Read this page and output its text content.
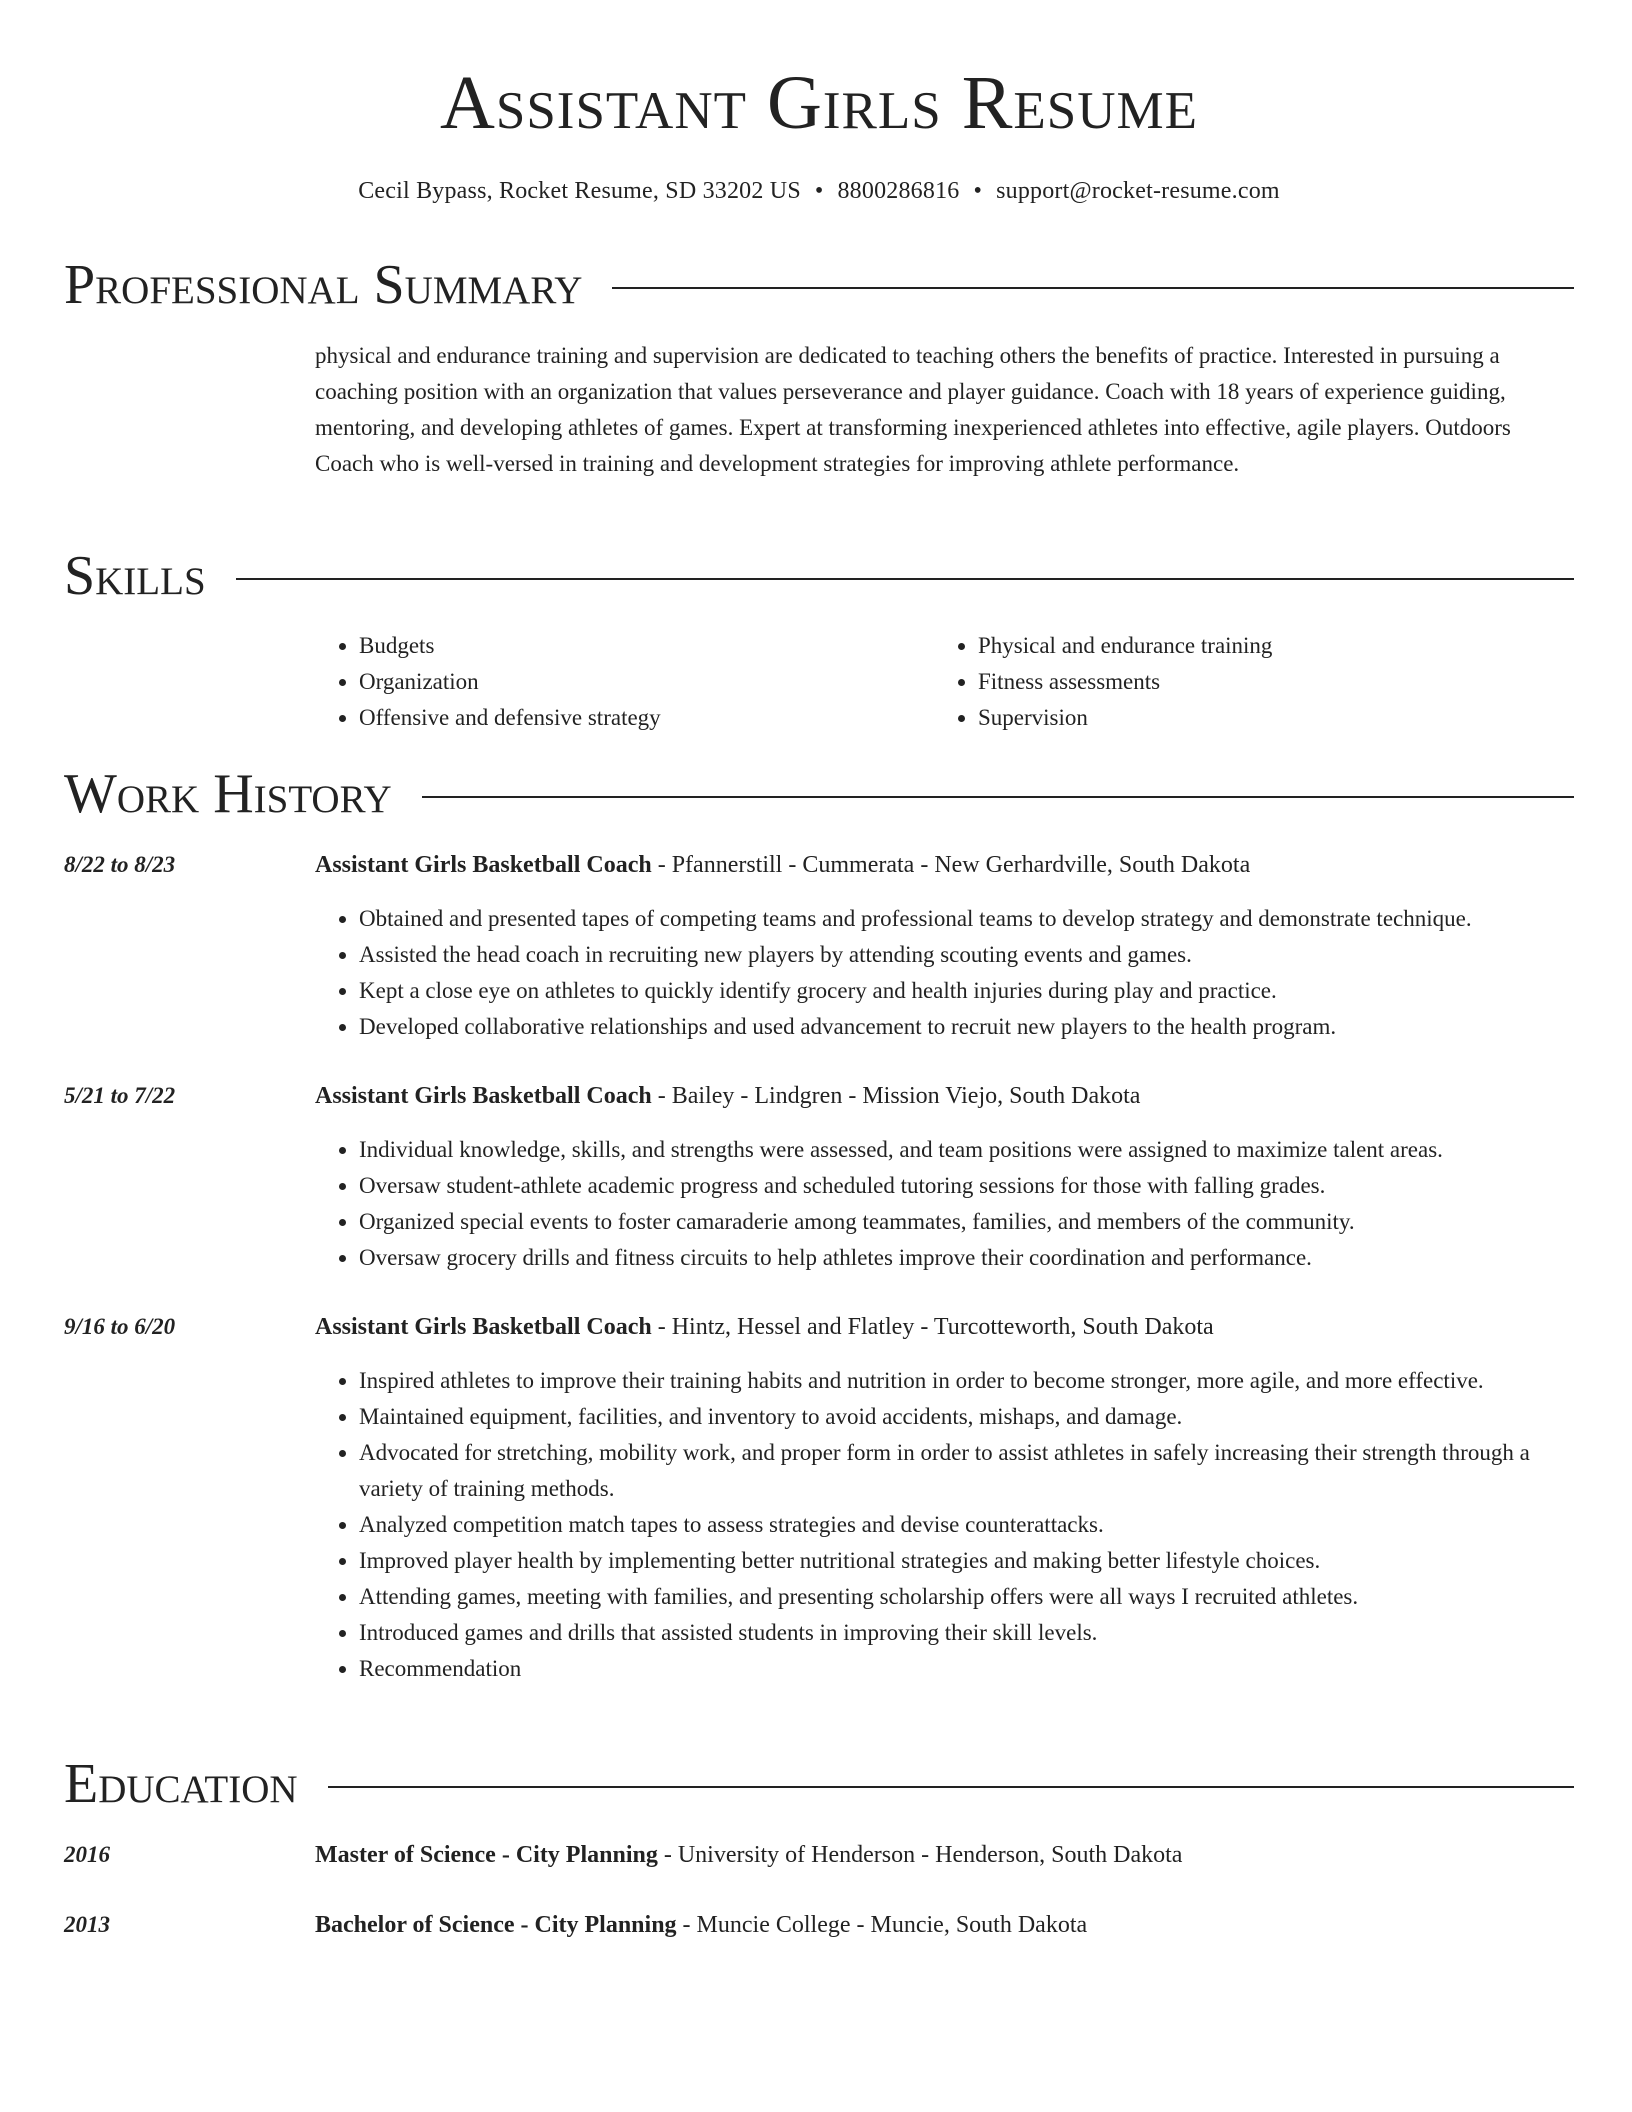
Assistant Girls Resume
Cecil Bypass, Rocket Resume, SD 33202 US • 8800286816 • support@rocket-resume.com
Professional Summary

physical and endurance training and supervision are dedicated to teaching others the benefits of practice. Interested in pursuing a coaching position with an organization that values perseverance and player guidance. Coach with 18 years of experience guiding, mentoring, and developing athletes of games. Expert at transforming inexperienced athletes into effective, agile players. Outdoors Coach who is well-versed in training and development strategies for improving athlete performance.

Skills
• Budgets
• Organization
• Offensive and defensive strategy
• Physical and endurance training
• Fitness assessments
• Supervision
Work History
8/22 to 8/23	Assistant Girls Basketball Coach - Pfannerstill - Cummerata - New Gerhardville, South Dakota
• Obtained and presented tapes of competing teams and professional teams to develop strategy and demonstrate technique.
• Assisted the head coach in recruiting new players by attending scouting events and games.
• Kept a close eye on athletes to quickly identify grocery and health injuries during play and practice.
• Developed collaborative relationships and used advancement to recruit new players to the health program.
5/21 to 7/22	Assistant Girls Basketball Coach - Bailey - Lindgren - Mission Viejo, South Dakota
• Individual knowledge, skills, and strengths were assessed, and team positions were assigned to maximize talent areas.
• Oversaw student-athlete academic progress and scheduled tutoring sessions for those with falling grades.
• Organized special events to foster camaraderie among teammates, families, and members of the community.
• Oversaw grocery drills and fitness circuits to help athletes improve their coordination and performance.
9/16 to 6/20	Assistant Girls Basketball Coach - Hintz, Hessel and Flatley - Turcotteworth, South Dakota
• Inspired athletes to improve their training habits and nutrition in order to become stronger, more agile, and more effective.
• Maintained equipment, facilities, and inventory to avoid accidents, mishaps, and damage.
• Advocated for stretching, mobility work, and proper form in order to assist athletes in safely increasing their strength through a variety of training methods.
• Analyzed competition match tapes to assess strategies and devise counterattacks.
• Improved player health by implementing better nutritional strategies and making better lifestyle choices.
• Attending games, meeting with families, and presenting scholarship offers were all ways I recruited athletes.
• Introduced games and drills that assisted students in improving their skill levels.
• Recommendation
Education
2016	Master of Science - City Planning - University of Henderson - Henderson, South Dakota
2013	Bachelor of Science - City Planning - Muncie College - Muncie, South Dakota
